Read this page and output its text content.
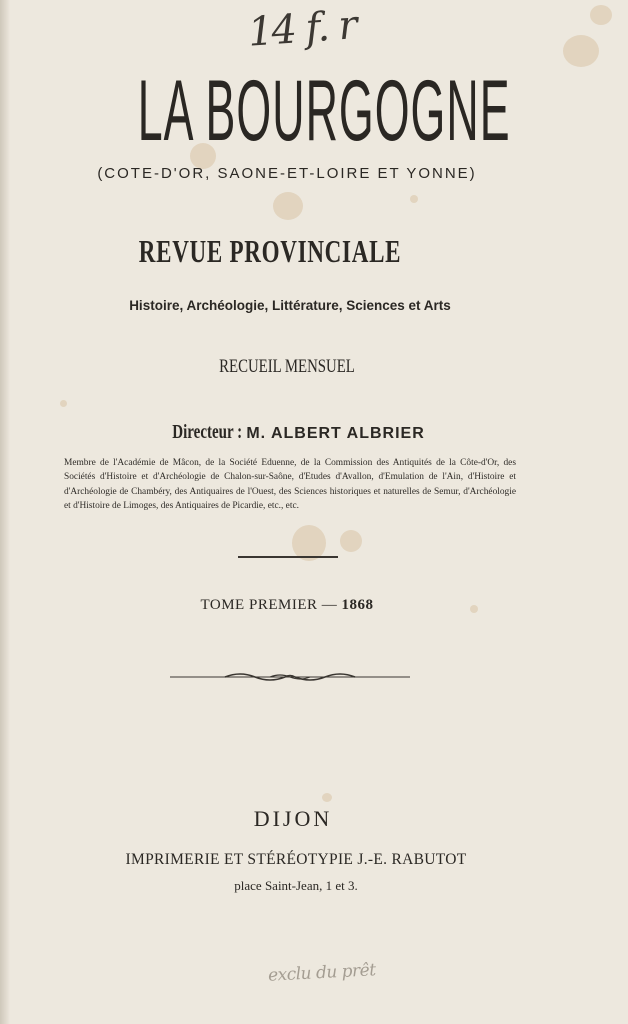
14 f. r
LA BOURGOGNE
(COTE-D'OR, SAONE-ET-LOIRE ET YONNE)
REVUE PROVINCIALE
Histoire, Archéologie, Littérature, Sciences et Arts
RECUEIL MENSUEL
Directeur : M. ALBERT ALBRIER
Membre de l'Académie de Mâcon, de la Société Eduenne, de la Commission des Antiquités de la Côte-d'Or, des Sociétés d'Histoire et d'Archéologie de Chalon-sur-Saône, d'Etudes d'Avallon, d'Emulation de l'Ain, d'Histoire et d'Archéologie de Chambéry, des Antiquaires de l'Ouest, des Sciences historiques et naturelles de Semur, d'Archéologie et d'Histoire de Limoges, des Antiquaires de Picardie, etc., etc.
TOME PREMIER — 1868
DIJON
IMPRIMERIE ET STÉRÉOTYPIE J.-E. RABUTOT
place Saint-Jean, 1 et 3.
exclu du prêt
